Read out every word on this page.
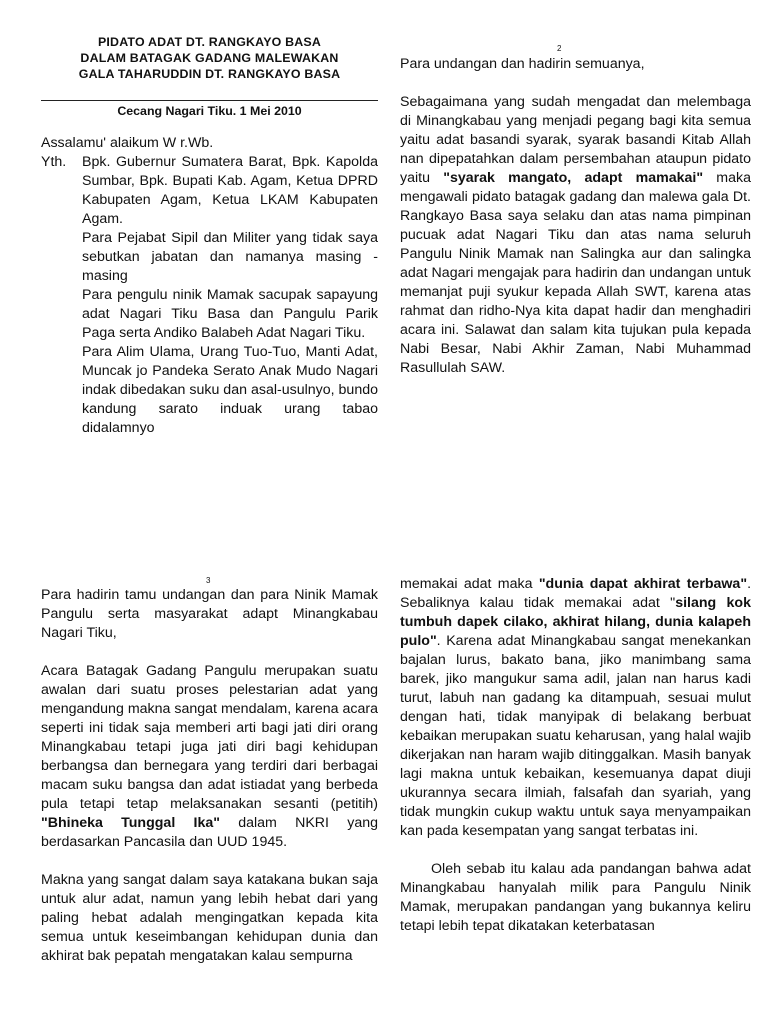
PIDATO ADAT DT. RANGKAYO BASA
DALAM BATAGAK GADANG MALEWAKAN
GALA TAHARUDDIN DT. RANGKAYO BASA
Cecang Nagari Tiku. 1 Mei 2010

Assalamu' alaikum W r.Wb.

Yth.	Bpk. Gubernur Sumatera Barat, Bpk. Kapolda Sumbar, Bpk. Bupati Kab. Agam, Ketua DPRD Kabupaten Agam, Ketua LKAM Kabupaten Agam.

Para Pejabat Sipil dan Militer yang tidak saya sebutkan jabatan dan namanya masing -masing

Para pengulu ninik Mamak sacupak sapayung adat Nagari Tiku Basa dan Pangulu Parik Paga serta Andiko Balabeh Adat Nagari Tiku.

Para Alim Ulama, Urang Tuo-Tuo, Manti Adat, Muncak jo Pandeka Serato Anak Mudo Nagari indak dibedakan suku dan asal-usulnyo, bundo kandung sarato induak urang tabao didalamnyo

2

Para undangan dan hadirin semuanya,

Sebagaimana yang sudah mengadat dan melembaga di Minangkabau yang menjadi pegang bagi kita semua yaitu adat basandi syarak, syarak basandi Kitab Allah nan dipepatahkan dalam persembahan ataupun pidato yaitu "syarak mangato, adapt mamakai" maka mengawali pidato batagak gadang dan malewa gala Dt. Rangkayo Basa saya selaku dan atas nama pimpinan pucuak adat Nagari Tiku dan atas nama seluruh Pangulu Ninik Mamak nan Salingka aur dan salingka adat Nagari mengajak para hadirin dan undangan untuk memanjat puji syukur kepada Allah SWT, karena atas rahmat dan ridho-Nya kita dapat hadir dan menghadiri acara ini. Salawat dan salam kita tujukan pula kepada Nabi Besar, Nabi Akhir Zaman, Nabi Muhammad Rasullulah SAW.

3

Para hadirin tamu undangan dan para Ninik Mamak Pangulu serta masyarakat adapt Minangkabau Nagari Tiku,

Acara Batagak Gadang Pangulu merupakan suatu awalan dari suatu proses pelestarian adat yang mengandung makna sangat mendalam, karena acara seperti ini tidak saja memberi arti bagi jati diri orang Minangkabau tetapi juga jati diri bagi kehidupan berbangsa dan bernegara yang terdiri dari berbagai macam suku bangsa dan adat istiadat yang berbeda pula tetapi tetap melaksanakan sesanti (petitih) "Bhineka Tunggal Ika" dalam NKRI yang berdasarkan Pancasila dan UUD 1945.

Makna yang sangat dalam saya katakana bukan saja untuk alur adat, namun yang lebih hebat dari yang paling hebat adalah mengingatkan kepada kita semua untuk keseimbangan kehidupan dunia dan akhirat bak pepatah mengatakan kalau sempurna

memakai adat maka "dunia dapat akhirat terbawa". Sebaliknya kalau tidak memakai adat "silang kok tumbuh dapek cilako, akhirat hilang, dunia kalapeh pulo". Karena adat Minangkabau sangat menekankan bajalan lurus, bakato bana, jiko manimbang sama barek, jiko mangukur sama adil, jalan nan harus kadi turut, labuh nan gadang ka ditampuah, sesuai mulut dengan hati, tidak manyipak di belakang berbuat kebaikan merupakan suatu keharusan, yang halal wajib dikerjakan nan haram wajib ditinggalkan. Masih banyak lagi makna untuk kebaikan, kesemuanya dapat diuji ukurannya secara ilmiah, falsafah dan syariah, yang tidak mungkin cukup waktu untuk saya menyampaikan kan pada kesempatan yang sangat terbatas ini.

Oleh sebab itu kalau ada pandangan bahwa adat Minangkabau hanyalah milik para Pangulu Ninik Mamak, merupakan pandangan yang bukannya keliru tetapi lebih tepat dikatakan keterbatasan
